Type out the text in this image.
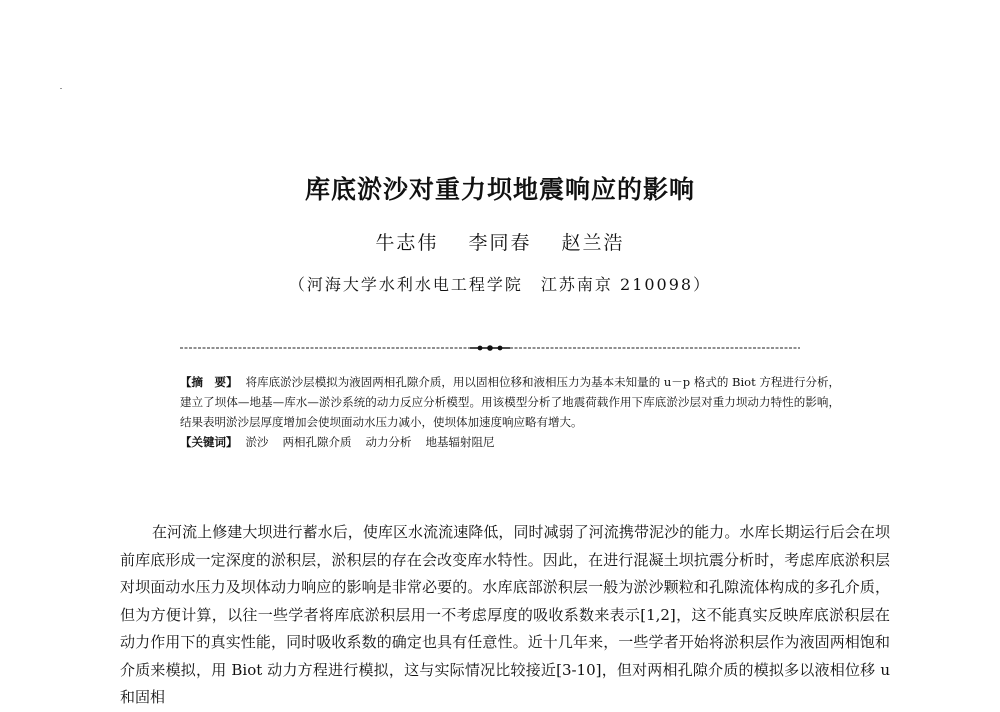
库底淤沙对重力坝地震响应的影响
牛志伟 李同春 赵兰浩
（河海大学水利水电工程学院 江苏南京 210098）

【摘　要】 将库底淤沙层模拟为液固两相孔隙介质，用以固相位移和液相压力为基本未知量的 u－p 格式的 Biot 方程进行分析，建立了坝体—地基—库水—淤沙系统的动力反应分析模型。用该模型分析了地震荷载作用下库底淤沙层对重力坝动力特性的影响，结果表明淤沙层厚度增加会使坝面动水压力减小，使坝体加速度响应略有增大。

【关键词】 淤沙 两相孔隙介质 动力分析 地基辐射阻尼

在河流上修建大坝进行蓄水后，使库区水流流速降低，同时减弱了河流携带泥沙的能力。水库长期运行后会在坝前库底形成一定深度的淤积层，淤积层的存在会改变库水特性。因此，在进行混凝土坝抗震分析时，考虑库底淤积层对坝面动水压力及坝体动力响应的影响是非常必要的。水库底部淤积层一般为淤沙颗粒和孔隙流体构成的多孔介质，但为方便计算，以往一些学者将库底淤积层用一不考虑厚度的吸收系数来表示[1,2]，这不能真实反映库底淤积层在动力作用下的真实性能，同时吸收系数的确定也具有任意性。近十几年来，一些学者开始将淤积层作为液固两相饱和介质来模拟，用 Biot 动力方程进行模拟，这与实际情况比较接近[3-10]，但对两相孔隙介质的模拟多以液相位移 u 和固相
